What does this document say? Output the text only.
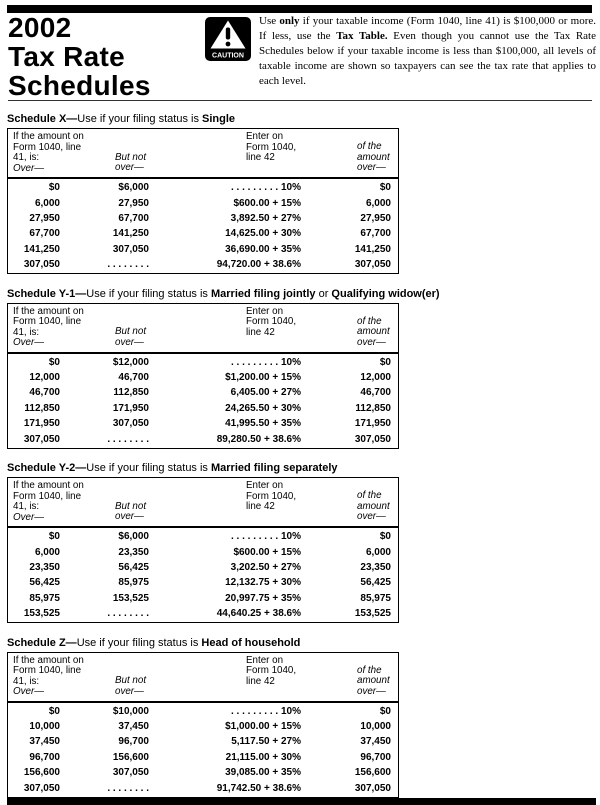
2002
Tax Rate
Schedules
CAUTION
Use only if your taxable income (Form 1040, line 41) is $100,000 or more. If less, use the Tax Table. Even though you cannot use the Tax Rate Schedules below if your taxable income is less than $100,000, all levels of taxable income are shown so taxpayers can see the tax rate that applies to each level.
Schedule X—Use if your filing status is Single
If the amount on
Form 1040, line
41, is:
Over—
But not
over—
Enter on
Form 1040,
line 42
of the
amount
over—
$0	$6,000	. . . . . . . . . 10%	$0
6,000	27,950	$600.00 + 15%	6,000
27,950	67,700	3,892.50 + 27%	27,950
67,700	141,250	14,625.00 + 30%	67,700
141,250	307,050	36,690.00 + 35%	141,250
307,050	. . . . . . . .	94,720.00 + 38.6%	307,050
Schedule Y-1—Use if your filing status is Married filing jointly or Qualifying widow(er)
If the amount on
Form 1040, line
41, is:
Over—
But not
over—
Enter on
Form 1040,
line 42
of the
amount
over—
$0	$12,000	. . . . . . . . . 10%	$0
12,000	46,700	$1,200.00 + 15%	12,000
46,700	112,850	6,405.00 + 27%	46,700
112,850	171,950	24,265.50 + 30%	112,850
171,950	307,050	41,995.50 + 35%	171,950
307,050	. . . . . . . .	89,280.50 + 38.6%	307,050
Schedule Y-2—Use if your filing status is Married filing separately
If the amount on
Form 1040, line
41, is:
Over—
But not
over—
Enter on
Form 1040,
line 42
of the
amount
over—
$0	$6,000	. . . . . . . . . 10%	$0
6,000	23,350	$600.00 + 15%	6,000
23,350	56,425	3,202.50 + 27%	23,350
56,425	85,975	12,132.75 + 30%	56,425
85,975	153,525	20,997.75 + 35%	85,975
153,525	. . . . . . . .	44,640.25 + 38.6%	153,525
Schedule Z—Use if your filing status is Head of household
If the amount on
Form 1040, line
41, is:
Over—
But not
over—
Enter on
Form 1040,
line 42
of the
amount
over—
$0	$10,000	. . . . . . . . . 10%	$0
10,000	37,450	$1,000.00 + 15%	10,000
37,450	96,700	5,117.50 + 27%	37,450
96,700	156,600	21,115.00 + 30%	96,700
156,600	307,050	39,085.00 + 35%	156,600
307,050	. . . . . . . .	91,742.50 + 38.6%	307,050
